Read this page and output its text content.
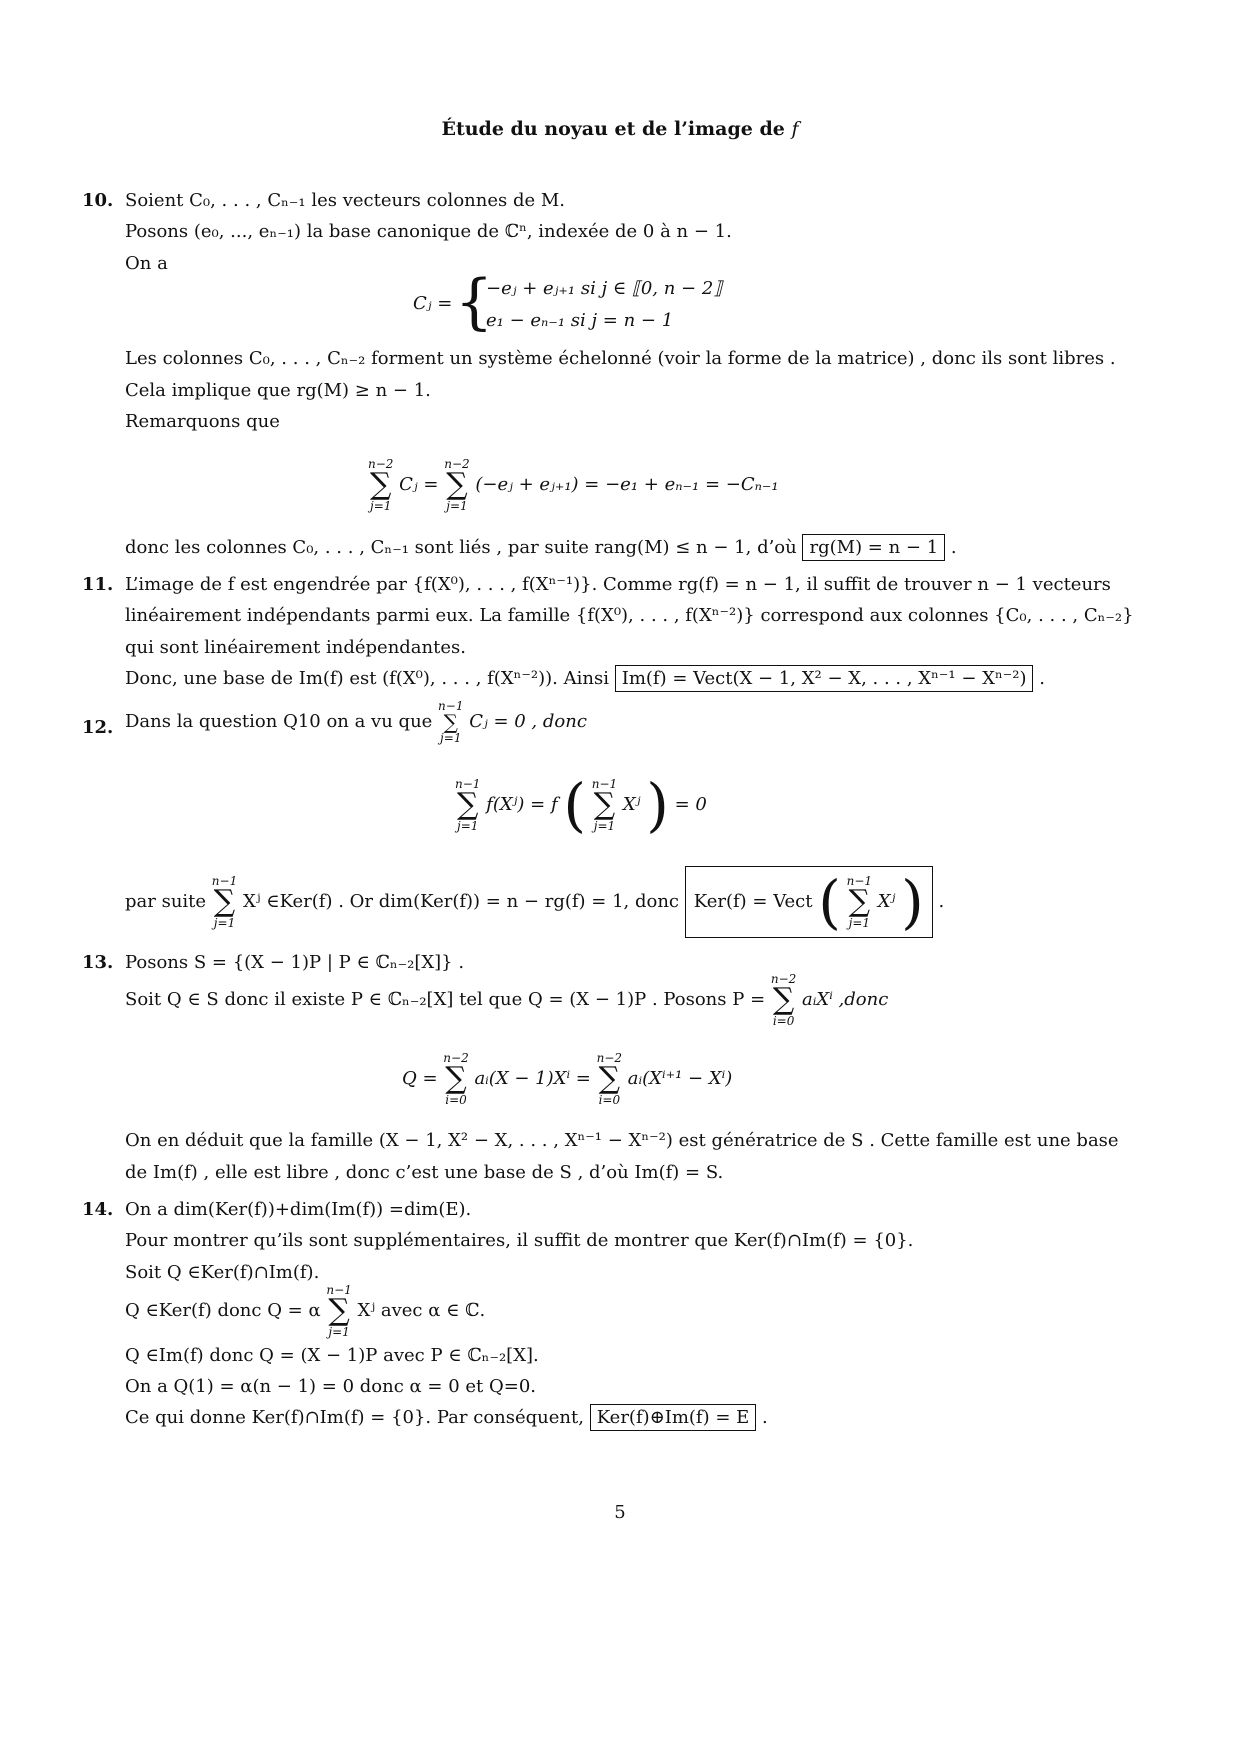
Étude du noyau et de l’image de f
10. Soient C₀, . . . , Cₙ₋₁ les vecteurs colonnes de M.
Posons (e₀, ..., eₙ₋₁) la base canonique de ℂⁿ, indexée de 0 à n − 1.
On a
Cⱼ = {
−eⱼ + eⱼ₊₁ si j ∈ ⟦0, n − 2⟧
e₁ − eₙ₋₁ si j = n − 1
Les colonnes C₀, . . . , Cₙ₋₂ forment un système échelonné (voir la forme de la matrice) , donc ils sont libres .
Cela implique que rg(M) ≥ n − 1.
Remarquons que
n−2
∑
j=1
Cⱼ =
n−2
∑
j=1
(−eⱼ + eⱼ₊₁) = −e₁ + eₙ₋₁ = −Cₙ₋₁
donc les colonnes C₀, . . . , Cₙ₋₁ sont liés , par suite rang(M) ≤ n − 1, d’où rg(M) = n − 1 .
11. L’image de f est engendrée par {f(X⁰), . . . , f(Xⁿ⁻¹)}. Comme rg(f) = n − 1, il suffit de trouver n − 1 vecteurs
linéairement indépendants parmi eux. La famille {f(X⁰), . . . , f(Xⁿ⁻²)} correspond aux colonnes {C₀, . . . , Cₙ₋₂}
qui sont linéairement indépendantes.
Donc, une base de Im(f) est (f(X⁰), . . . , f(Xⁿ⁻²)). Ainsi Im(f) = Vect(X − 1, X² − X, . . . , Xⁿ⁻¹ − Xⁿ⁻²) .
12. Dans la question Q10 on a vu que
n−1
∑
j=1
Cⱼ = 0 , donc
n−1
∑
j=1
f(Xʲ) = f ( n−1
∑
j=1
Xʲ ) = 0
par suite
n−1
∑
j=1
Xʲ ∈Ker(f) . Or dim(Ker(f)) = n − rg(f) = 1, donc Ker(f) = Vect ( n−1
∑
j=1
Xʲ ) .
13. Posons S = {(X − 1)P | P ∈ ℂₙ₋₂[X]} .
Soit Q ∈ S donc il existe P ∈ ℂₙ₋₂[X] tel que Q = (X − 1)P . Posons P =
n−2
∑
i=0
aᵢXⁱ ,donc
Q =
n−2
∑
i=0
aᵢ(X − 1)Xⁱ =
n−2
∑
i=0
aᵢ(Xⁱ⁺¹ − Xⁱ)
On en déduit que la famille (X − 1, X² − X, . . . , Xⁿ⁻¹ − Xⁿ⁻²) est génératrice de S . Cette famille est une base
de Im(f) , elle est libre , donc c’est une base de S , d’où Im(f) = S.
14. On a dim(Ker(f))+dim(Im(f)) =dim(E).
Pour montrer qu’ils sont supplémentaires, il suffit de montrer que Ker(f)∩Im(f) = {0}.
Soit Q ∈Ker(f)∩Im(f).
Q ∈Ker(f) donc Q = α
n−1
∑
j=1
Xʲ avec α ∈ ℂ.
Q ∈Im(f) donc Q = (X − 1)P avec P ∈ ℂₙ₋₂[X].
On a Q(1) = α(n − 1) = 0 donc α = 0 et Q=0.
Ce qui donne Ker(f)∩Im(f) = {0}. Par conséquent, Ker(f)⊕Im(f) = E .
5
